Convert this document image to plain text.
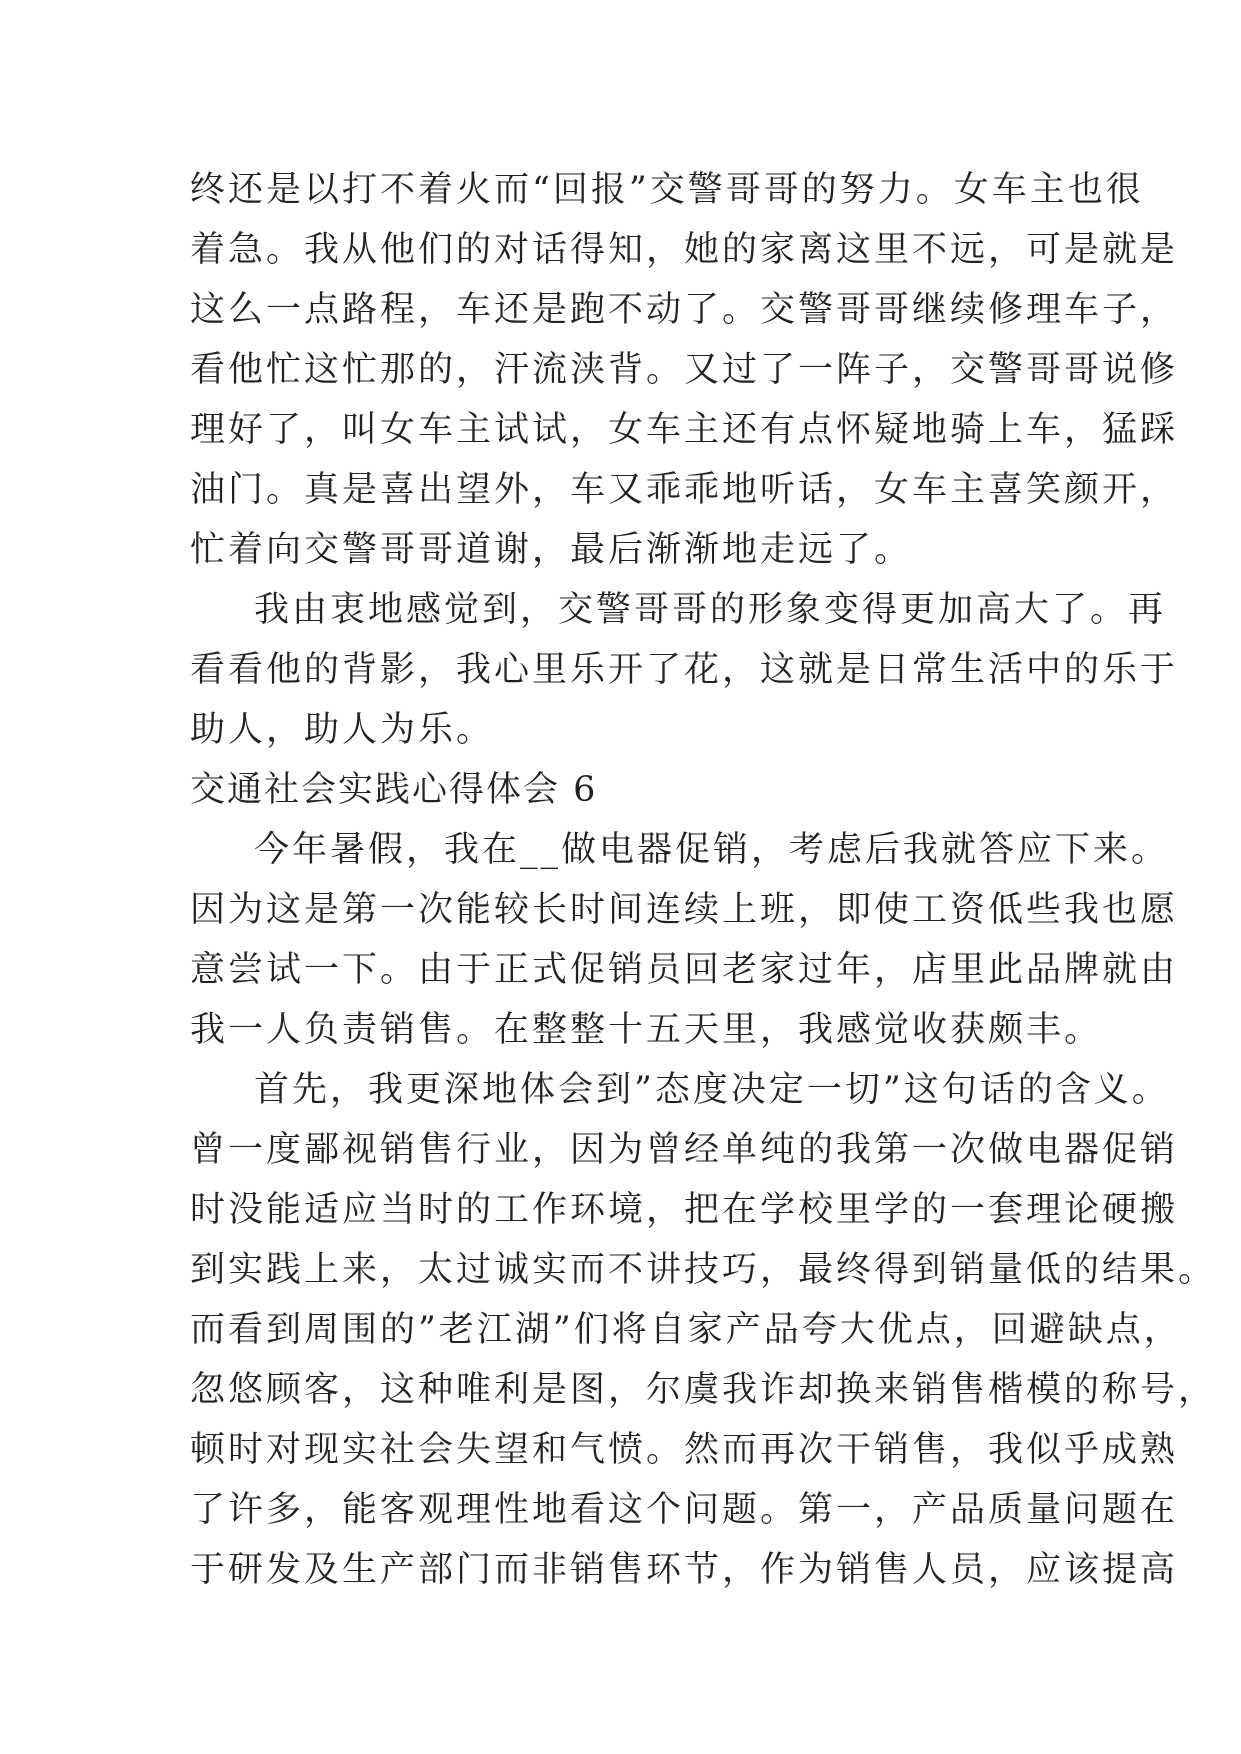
终还是以打不着火而“回报”交警哥哥的努力。女车主也很
着急。我从他们的对话得知，她的家离这里不远，可是就是
这么一点路程，车还是跑不动了。交警哥哥继续修理车子，
看他忙这忙那的，汗流浃背。又过了一阵子，交警哥哥说修
理好了，叫女车主试试，女车主还有点怀疑地骑上车，猛踩
油门。真是喜出望外，车又乖乖地听话，女车主喜笑颜开，
忙着向交警哥哥道谢，最后渐渐地走远了。
我由衷地感觉到，交警哥哥的形象变得更加高大了。再
看看他的背影，我心里乐开了花，这就是日常生活中的乐于
助人，助人为乐。
交通社会实践心得体会 6
今年暑假，我在__做电器促销，考虑后我就答应下来。
因为这是第一次能较长时间连续上班，即使工资低些我也愿
意尝试一下。由于正式促销员回老家过年，店里此品牌就由
我一人负责销售。在整整十五天里，我感觉收获颇丰。
首先，我更深地体会到”态度决定一切”这句话的含义。
曾一度鄙视销售行业，因为曾经单纯的我第一次做电器促销
时没能适应当时的工作环境，把在学校里学的一套理论硬搬
到实践上来，太过诚实而不讲技巧，最终得到销量低的结果。
而看到周围的”老江湖”们将自家产品夸大优点，回避缺点，
忽悠顾客，这种唯利是图，尔虞我诈却换来销售楷模的称号，
顿时对现实社会失望和气愤。然而再次干销售，我似乎成熟
了许多，能客观理性地看这个问题。第一，产品质量问题在
于研发及生产部门而非销售环节，作为销售人员，应该提高
